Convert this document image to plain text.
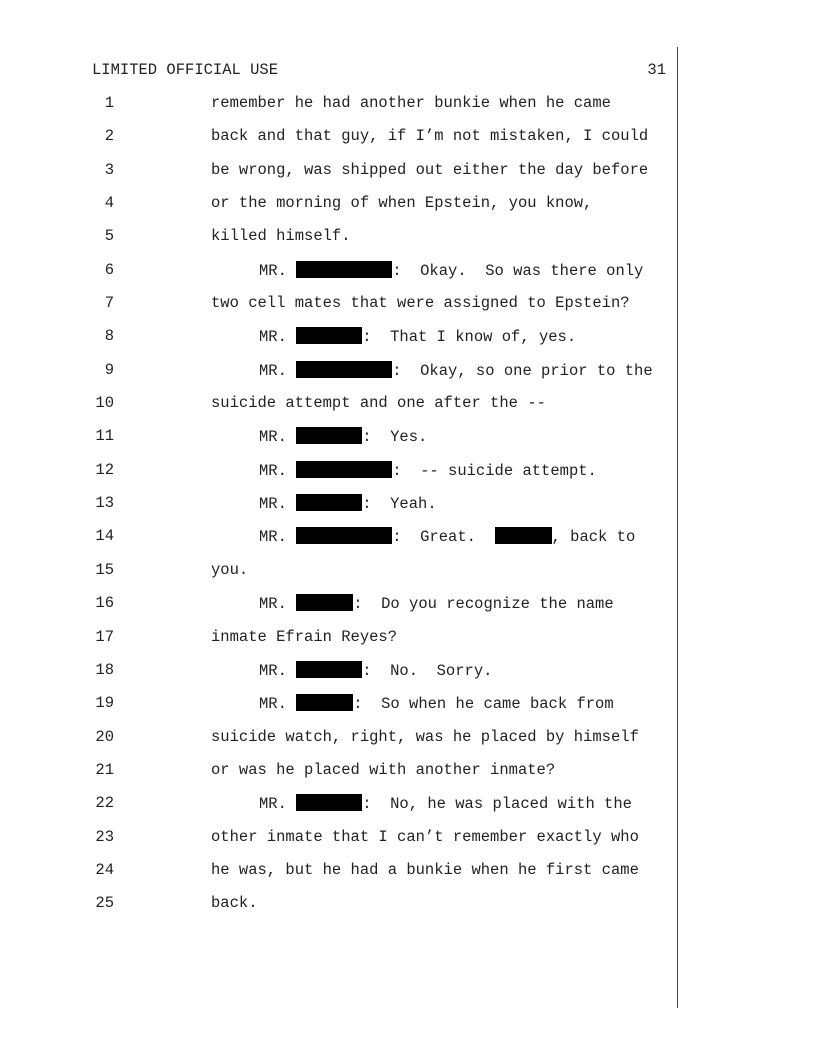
LIMITED OFFICIAL USE	31
1	remember he had another bunkie when he came
2	back and that guy, if I’m not mistaken, I could
3	be wrong, was shipped out either the day before
4	or the morning of when Epstein, you know,
5	killed himself.
6	MR.	:  Okay.  So was there only
7	two cell mates that were assigned to Epstein?
8	MR.	:  That I know of, yes.
9	MR.	:  Okay, so one prior to the
10	suicide attempt and one after the --
11	MR.	:  Yes.
12	MR.	:  -- suicide attempt.
13	MR.	:  Yeah.
14	MR.	:  Great.	, back to
15	you.
16	MR.	:  Do you recognize the name
17	inmate Efrain Reyes?
18	MR.	:  No.  Sorry.
19	MR.	:  So when he came back from
20	suicide watch, right, was he placed by himself
21	or was he placed with another inmate?
22	MR.	:  No, he was placed with the
23	other inmate that I can’t remember exactly who
24	he was, but he had a bunkie when he first came
25	back.
